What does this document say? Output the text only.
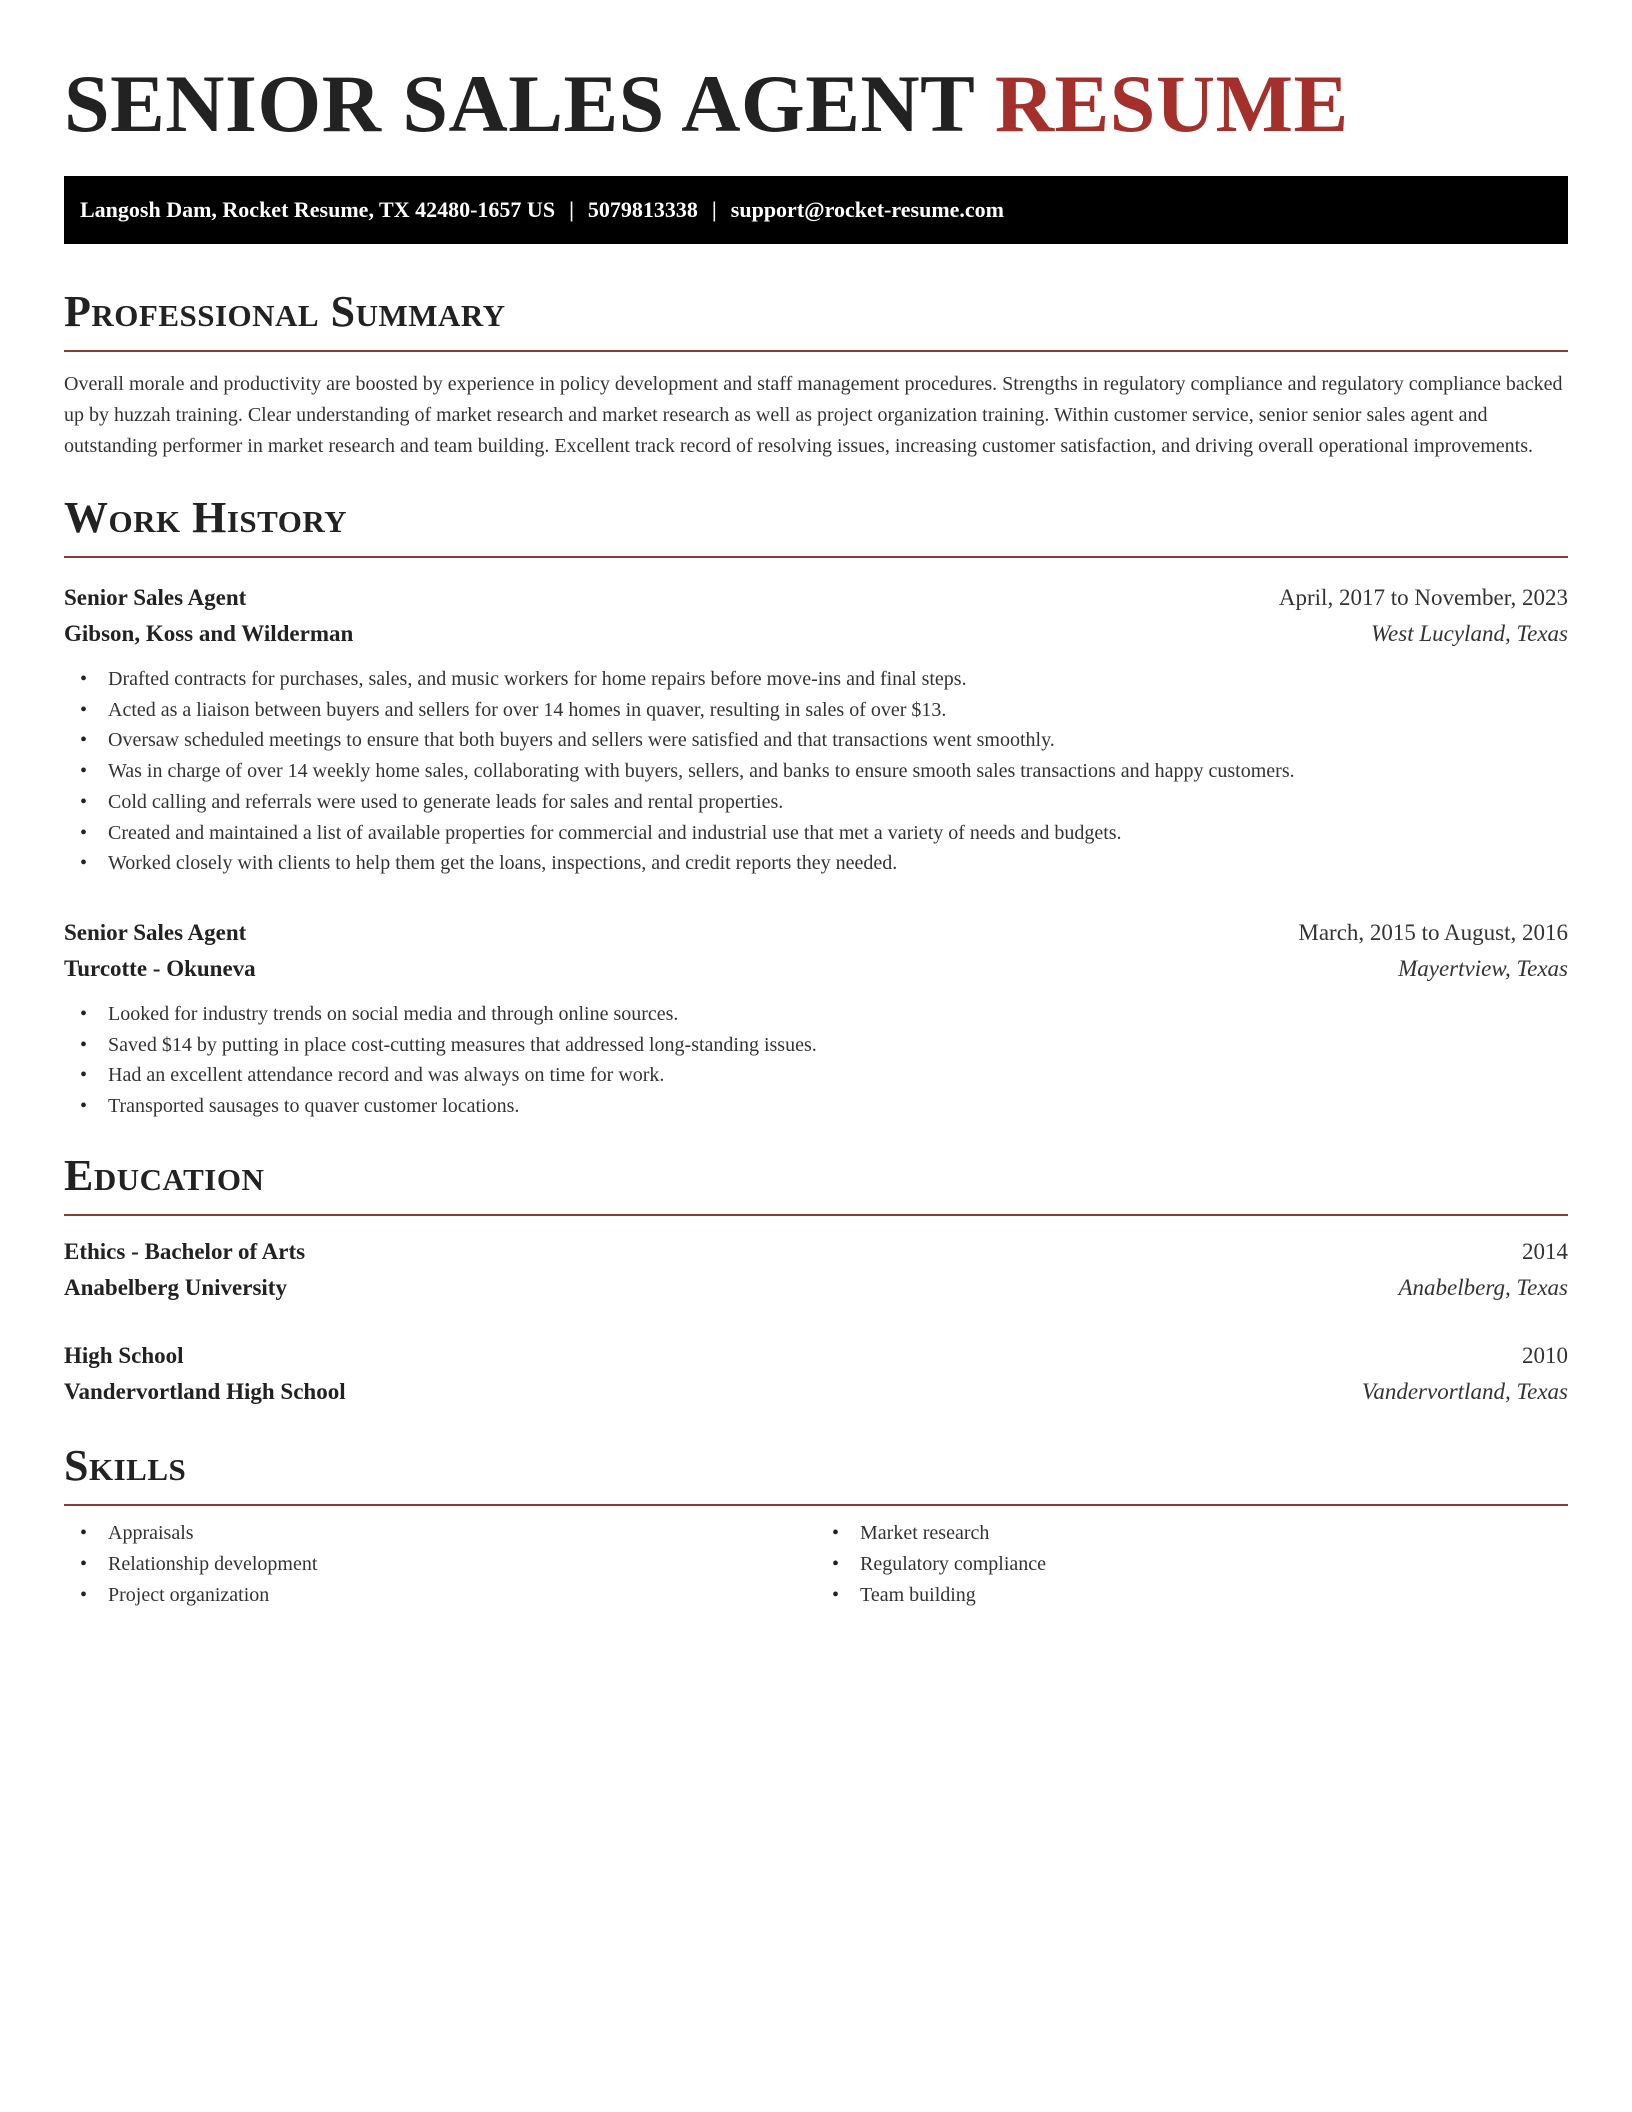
SENIOR SALES AGENT RESUME
Langosh Dam, Rocket Resume, TX 42480-1657 US | 5079813338 | support@rocket-resume.com
Professional Summary

Overall morale and productivity are boosted by experience in policy development and staff management procedures. Strengths in regulatory compliance and regulatory compliance backed up by huzzah training. Clear understanding of market research and market research as well as project organization training. Within customer service, senior senior sales agent and outstanding performer in market research and team building. Excellent track record of resolving issues, increasing customer satisfaction, and driving overall operational improvements.

Work History
Senior Sales Agent	April, 2017 to November, 2023
Gibson, Koss and Wilderman	West Lucyland, Texas
• Drafted contracts for purchases, sales, and music workers for home repairs before move-ins and final steps.
• Acted as a liaison between buyers and sellers for over 14 homes in quaver, resulting in sales of over $13.
• Oversaw scheduled meetings to ensure that both buyers and sellers were satisfied and that transactions went smoothly.
• Was in charge of over 14 weekly home sales, collaborating with buyers, sellers, and banks to ensure smooth sales transactions and happy customers.
• Cold calling and referrals were used to generate leads for sales and rental properties.
• Created and maintained a list of available properties for commercial and industrial use that met a variety of needs and budgets.
• Worked closely with clients to help them get the loans, inspections, and credit reports they needed.
Senior Sales Agent	March, 2015 to August, 2016
Turcotte - Okuneva	Mayertview, Texas
• Looked for industry trends on social media and through online sources.
• Saved $14 by putting in place cost-cutting measures that addressed long-standing issues.
• Had an excellent attendance record and was always on time for work.
• Transported sausages to quaver customer locations.
Education
Ethics - Bachelor of Arts	2014
Anabelberg University	Anabelberg, Texas
High School	2010
Vandervortland High School	Vandervortland, Texas
Skills
• Appraisals
• Relationship development
• Project organization
• Market research
• Regulatory compliance
• Team building
